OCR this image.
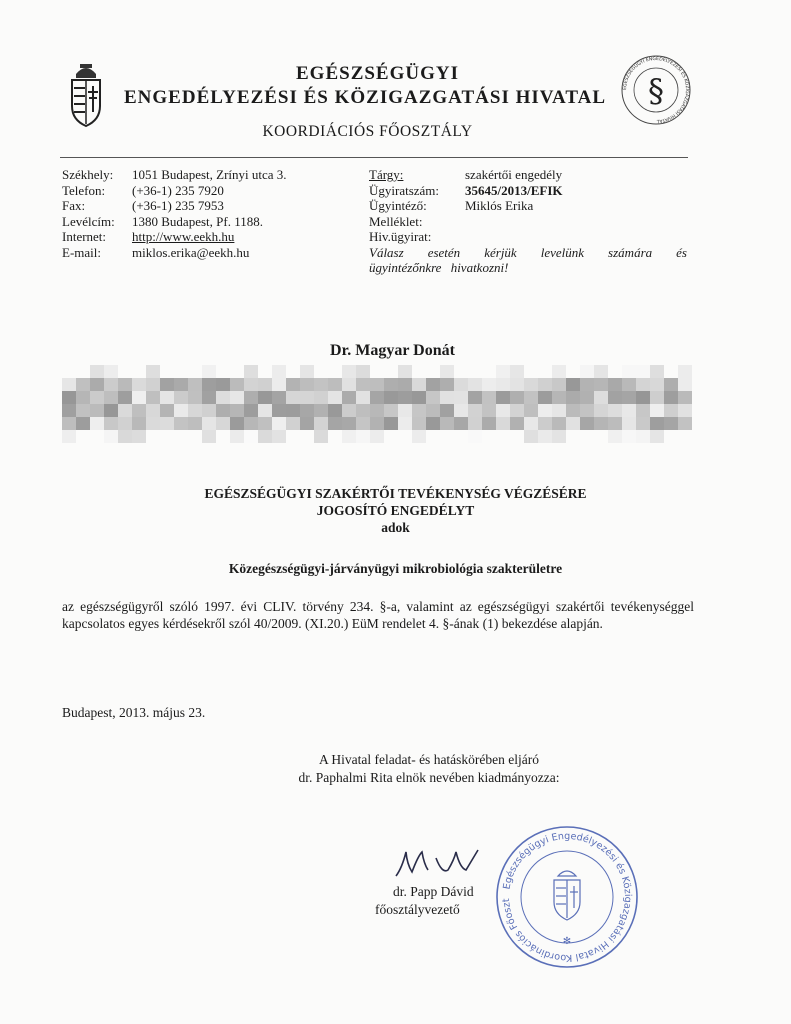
EGÉSZSÉGÜGYI
ENGEDÉLYEZÉSI ÉS KÖZIGAZGATÁSI HIVATAL
KOORDIÁCIÓS FŐOSZTÁLY
EGÉSZSÉGÜGYI ENGEDÉLYEZÉSI ÉS KÖZIGAZGATÁSI HIVATAL
§
Székhely:	1051 Budapest, Zrínyi utca 3.
Telefon:	(+36-1) 235 7920
Fax:	(+36-1) 235 7953
Levélcím:	1380 Budapest, Pf. 1188.
Internet:	http://www.eekh.hu
E-mail:	miklos.erika@eekh.hu
Tárgy:	szakértői engedély
Ügyiratszám:	35645/2013/EFIK
Ügyintéző:	Miklós Erika
Melléklet:
Hiv.ügyirat:
Válasz esetén kérjük levelünk számára és ügyintézőnkre hivatkozni!
Dr. Magyar Donát
EGÉSZSÉGÜGYI SZAKÉRTŐI TEVÉKENYSÉG VÉGZÉSÉRE
JOGOSÍTÓ ENGEDÉLYT
adok
Közegészségügyi-járványügyi mikrobiológia szakterületre
az egészségügyről szóló 1997. évi CLIV. törvény 234. §-a, valamint az egészségügyi szakértői tevékenységgel kapcsolatos egyes kérdésekről szól 40/2009. (XI.20.) EüM rendelet 4. §-ának (1) bekezdése alapján.
Budapest, 2013. május 23.
A Hivatal feladat- és hatáskörében eljáró
dr. Paphalmi Rita elnök nevében kiadmányozza:
dr. Papp Dávid
főosztályvezető
Egészségügyi Engedélyezési és Közigazgatási Hivatal Koordinációs Főoszt
✻
